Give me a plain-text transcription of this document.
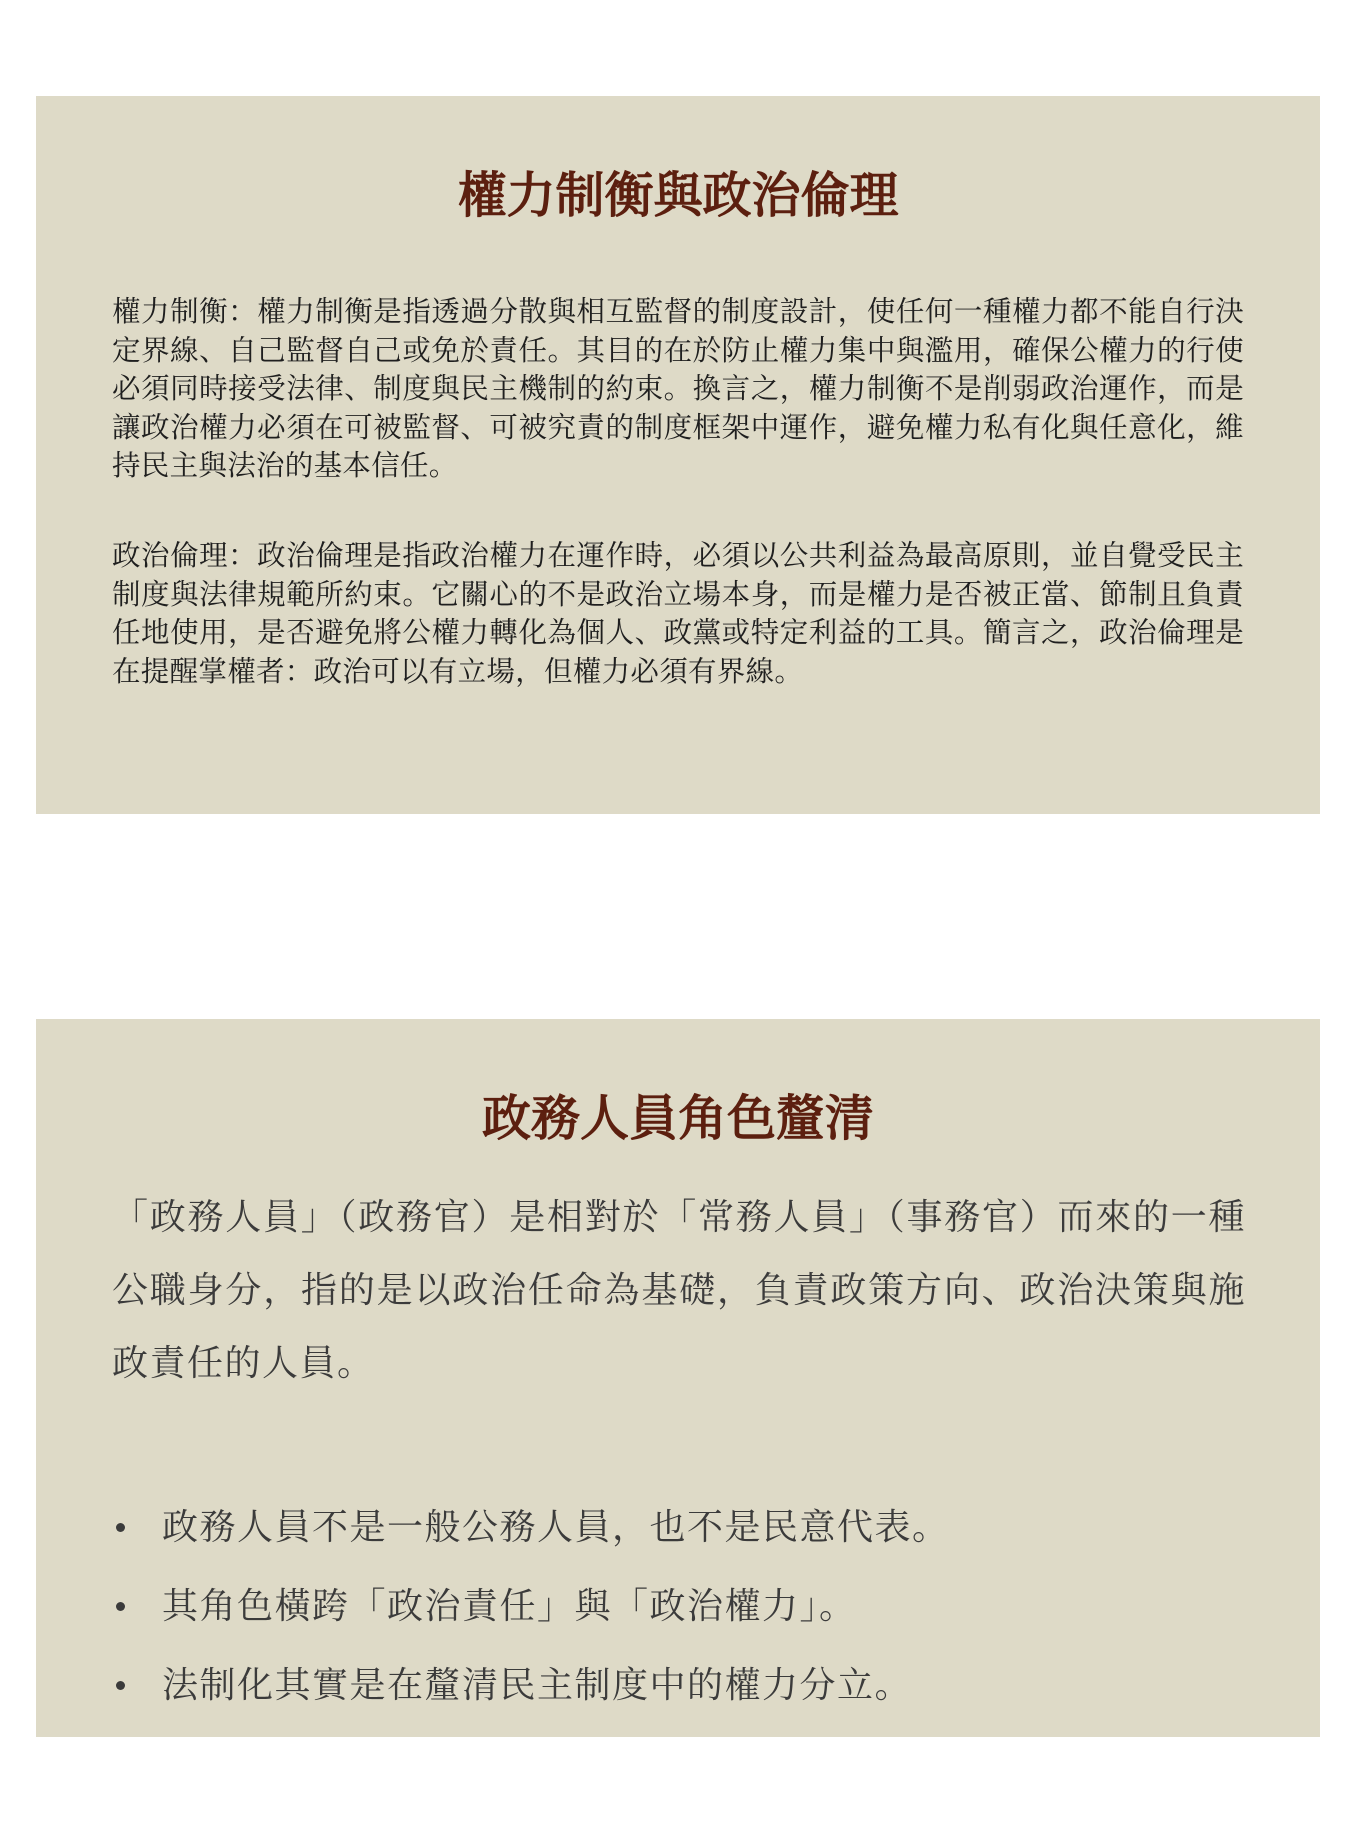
權力制衡與政治倫理

權力制衡：權力制衡是指透過分散與相互監督的制度設計，使任何一種權力都不能自行決定界線、自己監督自己或免於責任。其目的在於防止權力集中與濫用，確保公權力的行使必須同時接受法律、制度與民主機制的約束。換言之，權力制衡不是削弱政治運作，而是讓政治權力必須在可被監督、可被究責的制度框架中運作，避免權力私有化與任意化，維持民主與法治的基本信任。

政治倫理：政治倫理是指政治權力在運作時，必須以公共利益為最高原則，並自覺受民主制度與法律規範所約束。它關心的不是政治立場本身，而是權力是否被正當、節制且負責任地使用，是否避免將公權力轉化為個人、政黨或特定利益的工具。簡言之，政治倫理是在提醒掌權者：政治可以有立場，但權力必須有界線。

政務人員角色釐清

「政務人員」（政務官）是相對於「常務人員」（事務官）而來的一種公職身分，指的是以政治任命為基礎，負責政策方向、政治決策與施政責任的人員。

政務人員不是一般公務人員，也不是民意代表。
其角色橫跨「政治責任」與「政治權力」。
法制化其實是在釐清民主制度中的權力分立。
